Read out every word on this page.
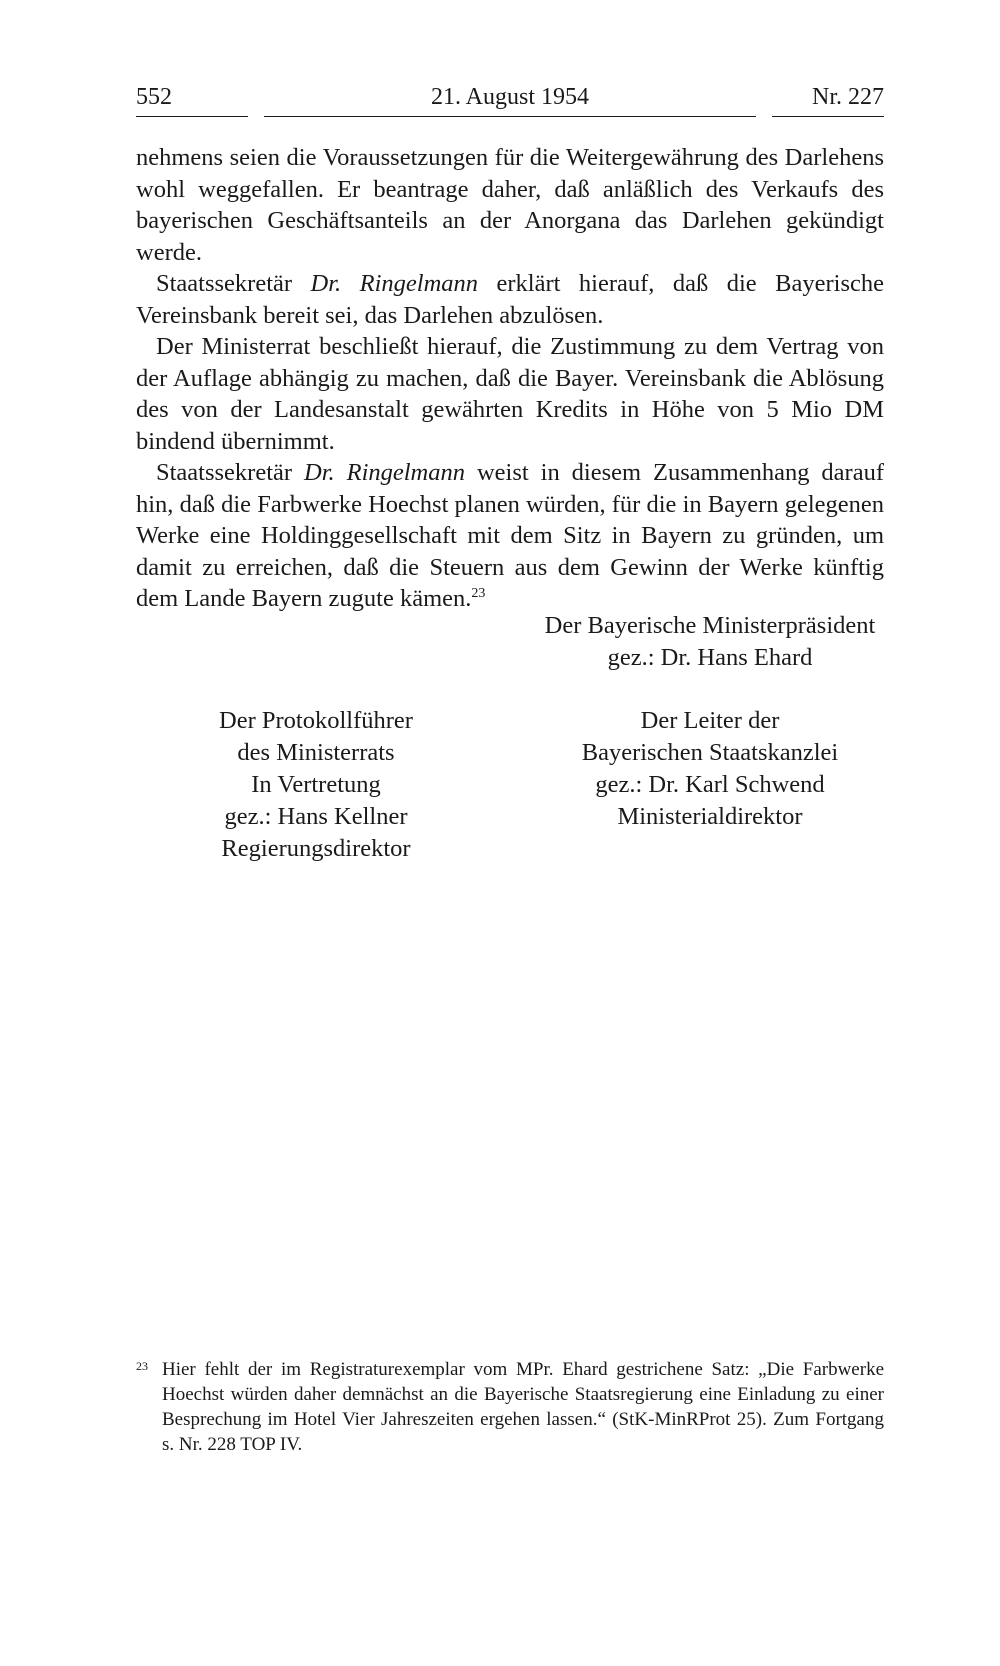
552	21. August 1954	Nr. 227

nehmens seien die Voraussetzungen für die Weitergewährung des Darlehens wohl weggefallen. Er beantrage daher, daß anläßlich des Verkaufs des bayerischen Geschäftsanteils an der Anorgana das Darlehen gekündigt werde.

Staatssekretär Dr. Ringelmann erklärt hierauf, daß die Bayerische Vereinsbank bereit sei, das Darlehen abzulösen.

Der Ministerrat beschließt hierauf, die Zustimmung zu dem Vertrag von der Auflage abhängig zu machen, daß die Bayer. Vereinsbank die Ablösung des von der Landesanstalt gewährten Kredits in Höhe von 5 Mio DM bindend übernimmt.

Staatssekretär Dr. Ringelmann weist in diesem Zusammenhang darauf hin, daß die Farbwerke Hoechst planen würden, für die in Bayern gelegenen Werke eine Holdinggesellschaft mit dem Sitz in Bayern zu gründen, um damit zu erreichen, daß die Steuern aus dem Gewinn der Werke künftig dem Lande Bayern zugute kämen.$^{23}$

Der Bayerische Ministerpräsident
gez.: Dr. Hans Ehard
Der Protokollführer
des Ministerrats
In Vertretung
gez.: Hans Kellner
Regierungsdirektor
Der Leiter der
Bayerischen Staatskanzlei
gez.: Dr. Karl Schwend
Ministerialdirektor
23 Hier fehlt der im Registraturexemplar vom MPr. Ehard gestrichene Satz: „Die Farbwerke Hoechst würden daher demnächst an die Bayerische Staatsregierung eine Einladung zu einer Besprechung im Hotel Vier Jahreszeiten ergehen lassen.“ (StK-MinRProt 25). Zum Fortgang s. Nr. 228 TOP IV.
